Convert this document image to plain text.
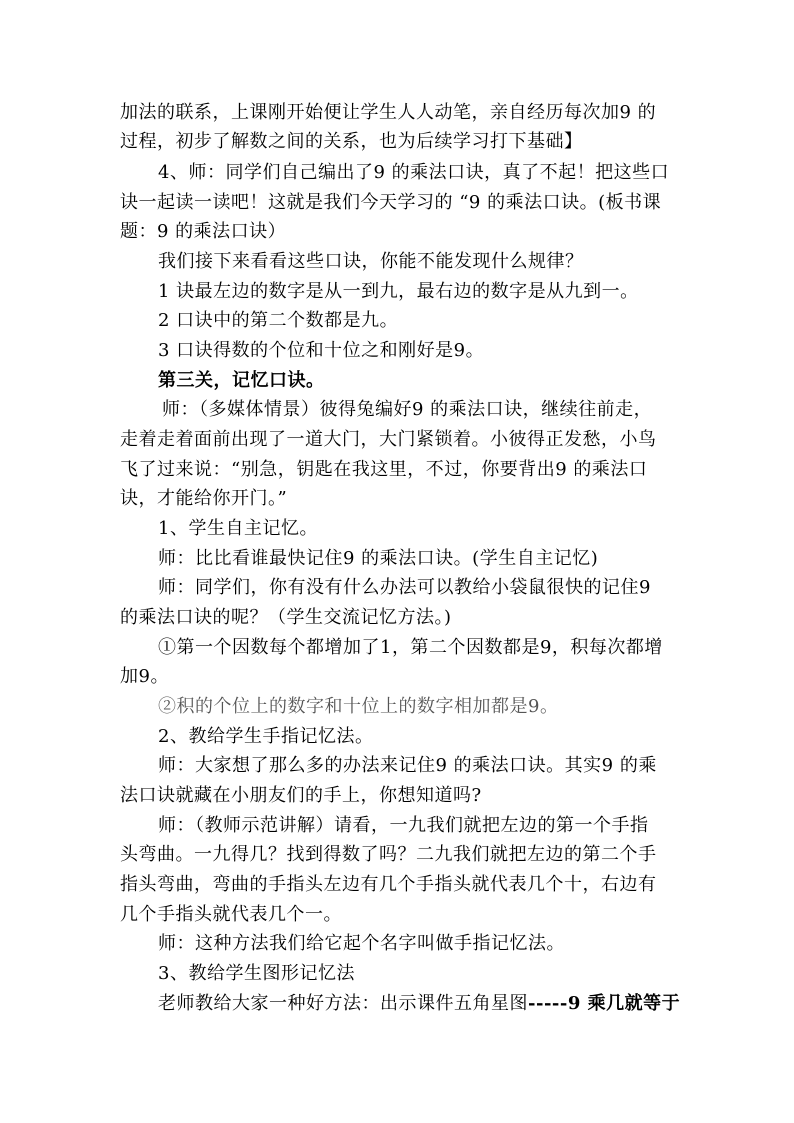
加法的联系，上课刚开始便让学生人人动笔，亲自经历每次加9 的
过程，初步了解数之间的关系，也为后续学习打下基础】
4、师：同学们自己编出了9 的乘法口诀，真了不起！把这些口
诀一起读一读吧！这就是我们今天学习的 “9 的乘法口诀。(板书课
题：9 的乘法口诀）
我们接下来看看这些口诀，你能不能发现什么规律？
1 诀最左边的数字是从一到九，最右边的数字是从九到一。
2 口诀中的第二个数都是九。
3 口诀得数的个位和十位之和刚好是9。
第三关，记忆口诀。
师：（多媒体情景）彼得兔编好9 的乘法口诀，继续往前走，
走着走着面前出现了一道大门，大门紧锁着。小彼得正发愁，小鸟
飞了过来说：“别急，钥匙在我这里，不过，你要背出9 的乘法口
诀，才能给你开门。”
1、学生自主记忆。
师：比比看谁最快记住9 的乘法口诀。(学生自主记忆)
师：同学们，你有没有什么办法可以教给小袋鼠很快的记住9
的乘法口诀的呢？（学生交流记忆方法。)
①第一个因数每个都增加了1，第二个因数都是9，积每次都增
加9。
②积的个位上的数字和十位上的数字相加都是9。
2、教给学生手指记忆法。
师：大家想了那么多的办法来记住9 的乘法口诀。其实9 的乘
法口诀就藏在小朋友们的手上，你想知道吗?
师：（教师示范讲解）请看，一九我们就把左边的第一个手指
头弯曲。一九得几？找到得数了吗？二九我们就把左边的第二个手
指头弯曲，弯曲的手指头左边有几个手指头就代表几个十，右边有
几个手指头就代表几个一。
师：这种方法我们给它起个名字叫做手指记忆法。
3、教给学生图形记忆法
老师教给大家一种好方法：出示课件五角星图-----9 乘几就等于
